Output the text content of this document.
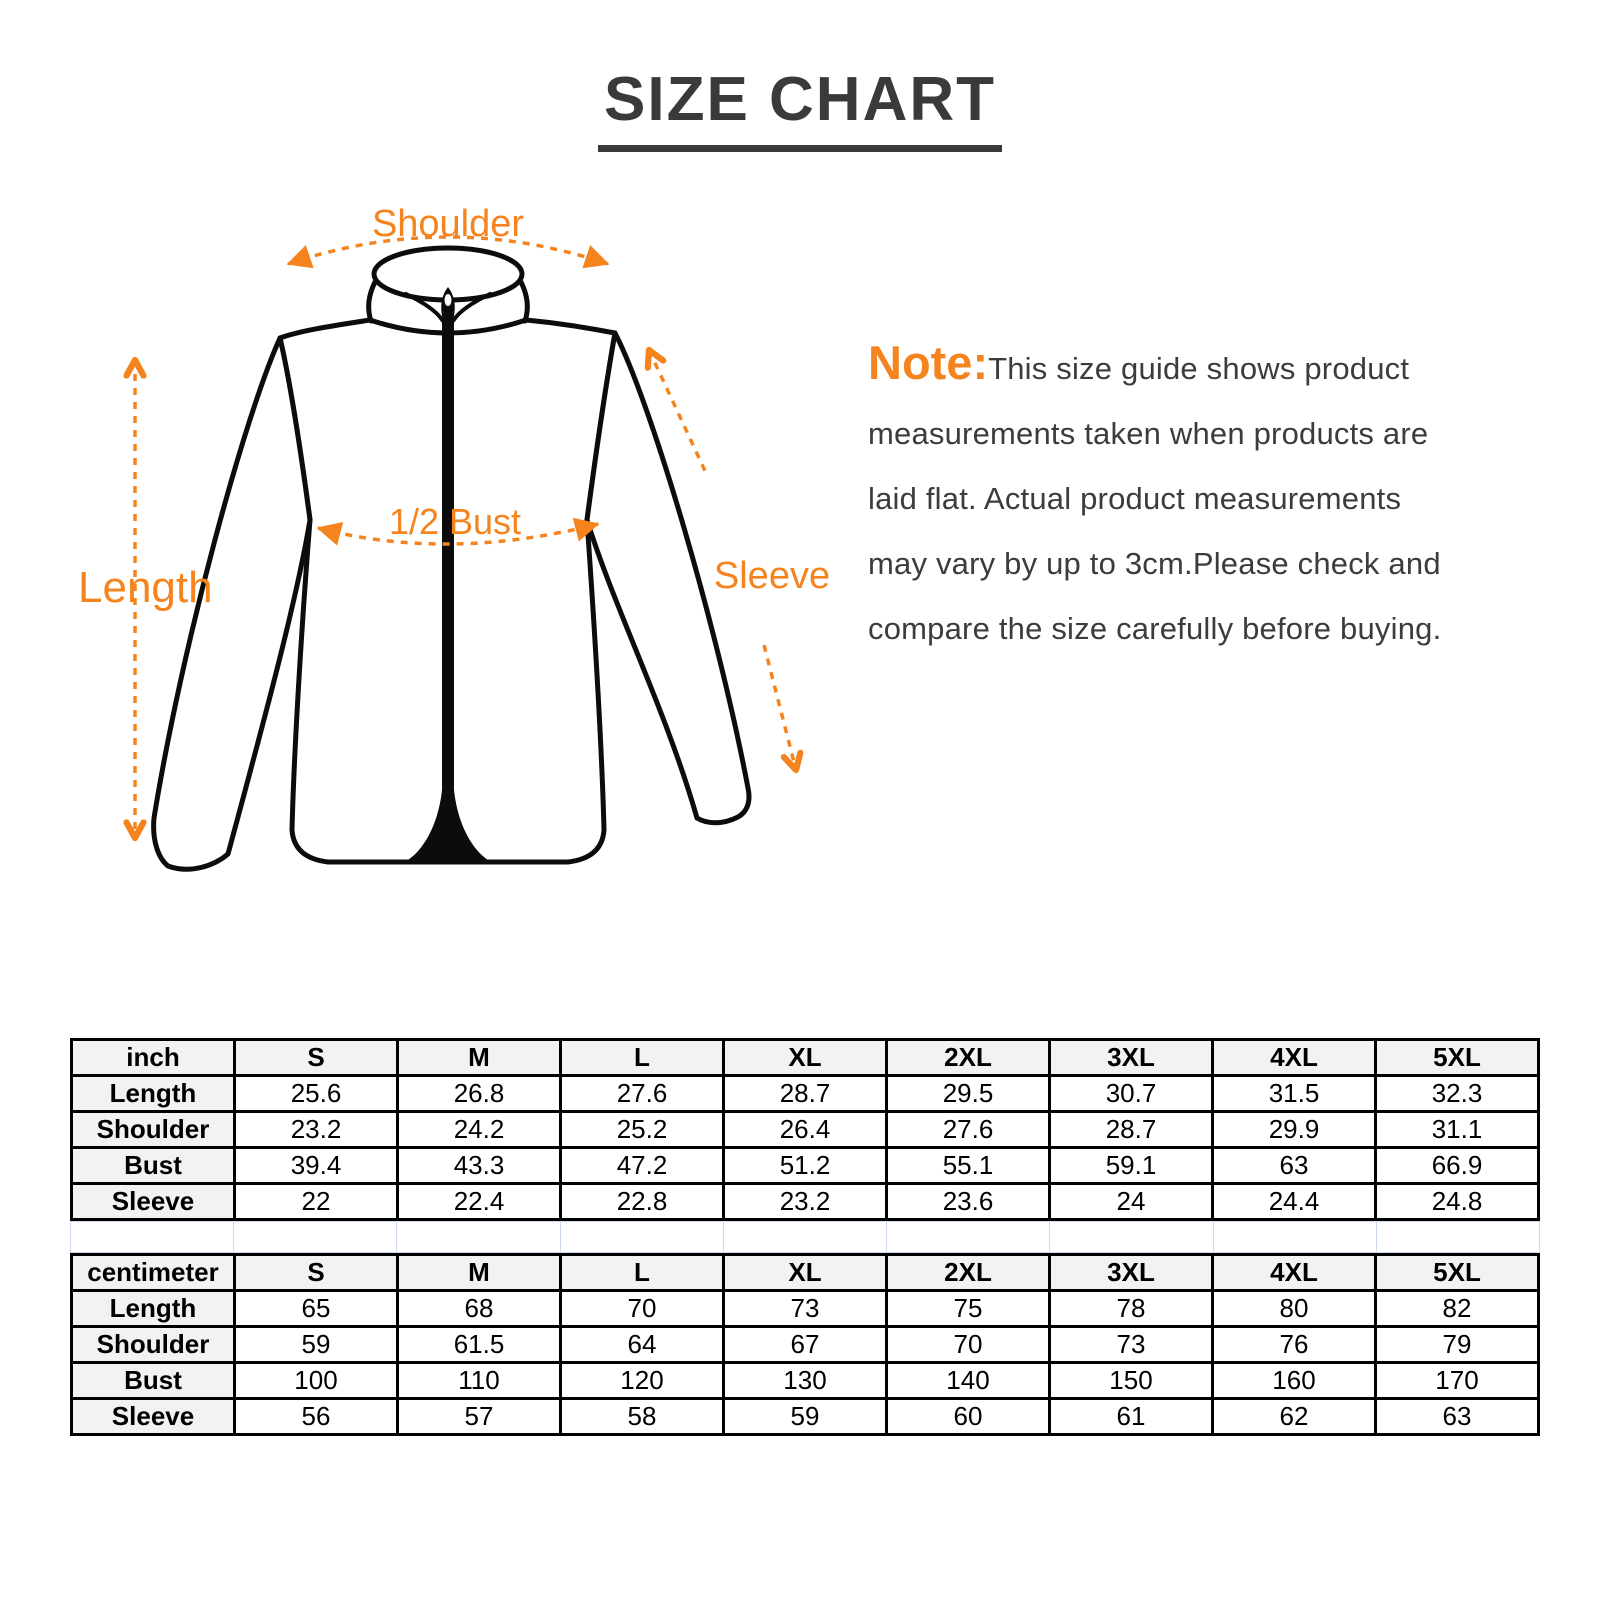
SIZE CHART
Shoulder
Length
1/2 Bust
Sleeve
Note:This size guide shows product
measurements taken when products are
laid flat. Actual product measurements
may vary by up to 3cm.Please check and
compare the size carefully before buying.
inch	S	M	L	XL	2XL	3XL	4XL	5XL
Length	25.6	26.8	27.6	28.7	29.5	30.7	31.5	32.3
Shoulder	23.2	24.2	25.2	26.4	27.6	28.7	29.9	31.1
Bust	39.4	43.3	47.2	51.2	55.1	59.1	63	66.9
Sleeve	22	22.4	22.8	23.2	23.6	24	24.4	24.8

centimeter	S	M	L	XL	2XL	3XL	4XL	5XL
Length	65	68	70	73	75	78	80	82
Shoulder	59	61.5	64	67	70	73	76	79
Bust	100	110	120	130	140	150	160	170
Sleeve	56	57	58	59	60	61	62	63
